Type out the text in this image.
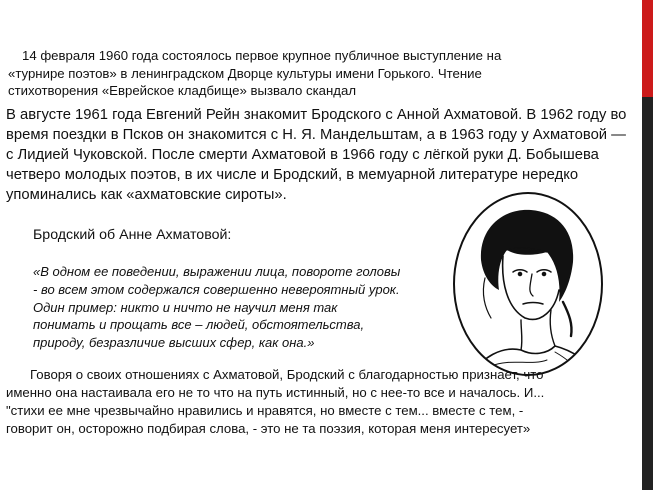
14 февраля 1960 года состоялось первое крупное публичное выступление на
«турнире поэтов» в ленинградском Дворце культуры имени Горького. Чтение
стихотворения «Еврейское кладбище» вызвало скандал
В августе 1961 года Евгений Рейн знакомит Бродского с Анной Ахматовой. В 1962 году во время поездки в Псков он знакомится с Н. Я. Мандельштам, а в 1963 году у Ахматовой — с Лидией Чуковской. После смерти Ахматовой в 1966 году с лёгкой руки Д. Бобышева четверо молодых поэтов, в их числе и Бродский, в мемуарной литературе нередко упоминались как «ахматовские сироты».
Бродский об Анне Ахматовой:
«В одном ее поведении, выражении лица, повороте головы
- во всем этом содержался совершенно невероятный урок.
Один пример: никто и ничто не научил меня так
понимать и прощать все – людей, обстоятельства,
природу, безразличие высших сфер, как она.»
Говоря о своих отношениях с Ахматовой, Бродский с благодарностью признает, что
именно она настаивала его не то что на путь истинный, но с нее-то все и началось. И...
"стихи ее мне чрезвычайно нравились и нравятся, но вместе с тем... вместе с тем, -
говорит он, осторожно подбирая слова, - это не та поэзия, которая меня интересует»
